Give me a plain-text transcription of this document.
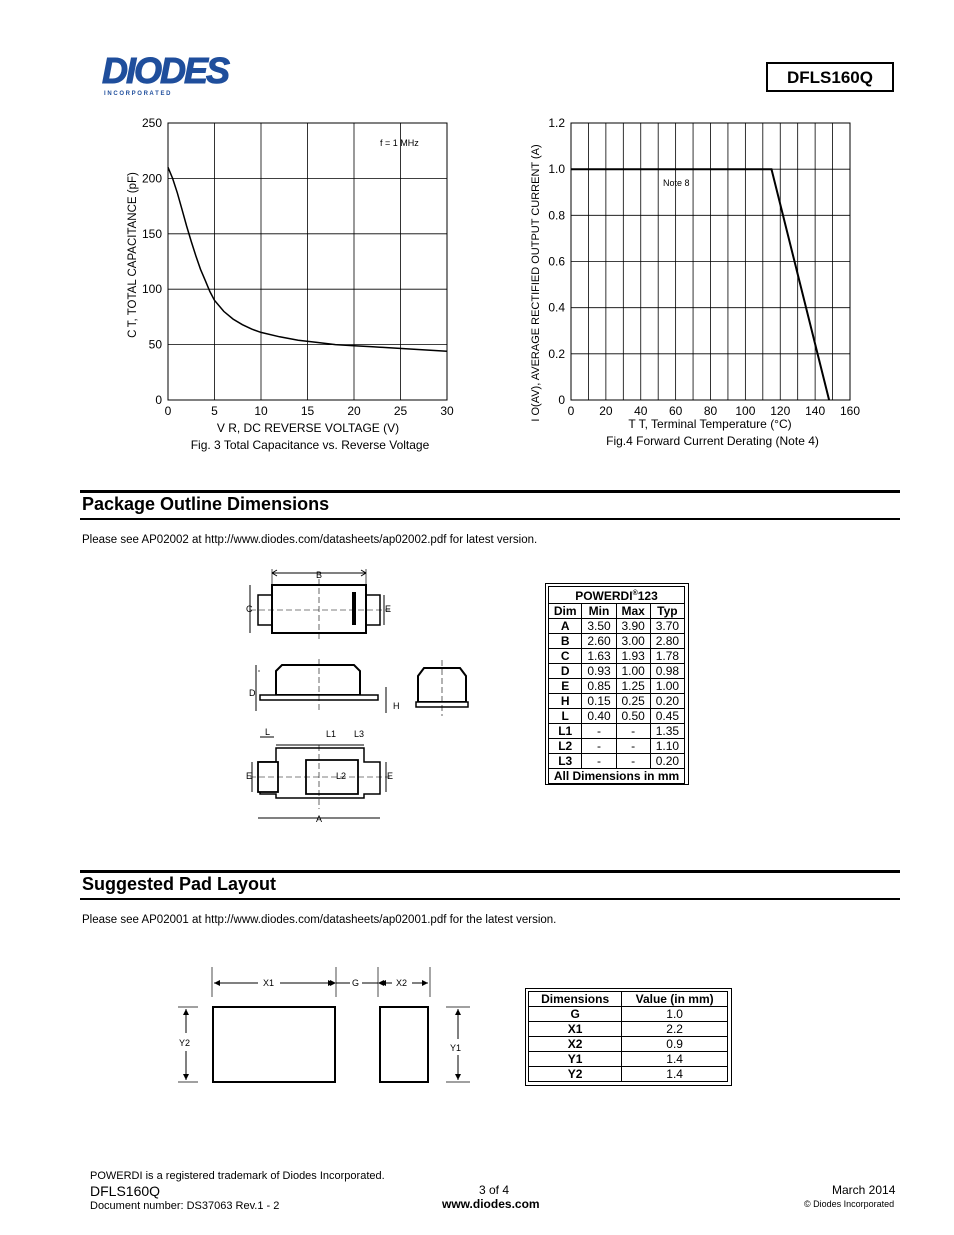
DIODES
I N C O R P O R A T E D
DFLS160Q
0	5	10	15	20	25	30
0
50
100
150
200
250
f = 1 MHz
C T, TOTAL CAPACITANCE (pF)
V R, DC REVERSE VOLTAGE (V)
Fig. 3 Total Capacitance vs. Reverse Voltage
0 20 40 60 80 100 120 140 160
0
0.2
0.4
0.6
0.8
1.0
1.2
Note 8
I O(AV), AVERAGE RECTIFIED OUTPUT CURRENT (A)
T T, Terminal Temperature (°C)
Fig.4 Forward Current Derating (Note 4)
Package Outline Dimensions
Please see AP02002 at http://www.diodes.com/datasheets/ap02002.pdf for latest version.
B
C	E
D
H
L	L1 L3
L2
E	E
A
POWERDI®123			
Dim	Min	Max	Typ
A	3.50	3.90	3.70
B	2.60	3.00	2.80
C	1.63	1.93	1.78
D	0.93	1.00	0.98
E	0.85	1.25	1.00
H	0.15	0.25	0.20
L	0.40	0.50	0.45
L1	-	-	1.35
L2	-	-	1.10
L3	-	-	0.20
All Dimensions in mm			
Suggested Pad Layout
Please see AP02001 at http://www.diodes.com/datasheets/ap02001.pdf for the latest version.
X1	G	X2
Y2	Y1
Dimensions	Value (in mm)
G	1.0
X1	2.2
X2	0.9
Y1	1.4
Y2	1.4
POWERDI is a registered trademark of Diodes Incorporated.
DFLS160Q
Document number: DS37063 Rev.1 - 2
3 of 4
www.diodes.com
March 2014
© Diodes Incorporated
